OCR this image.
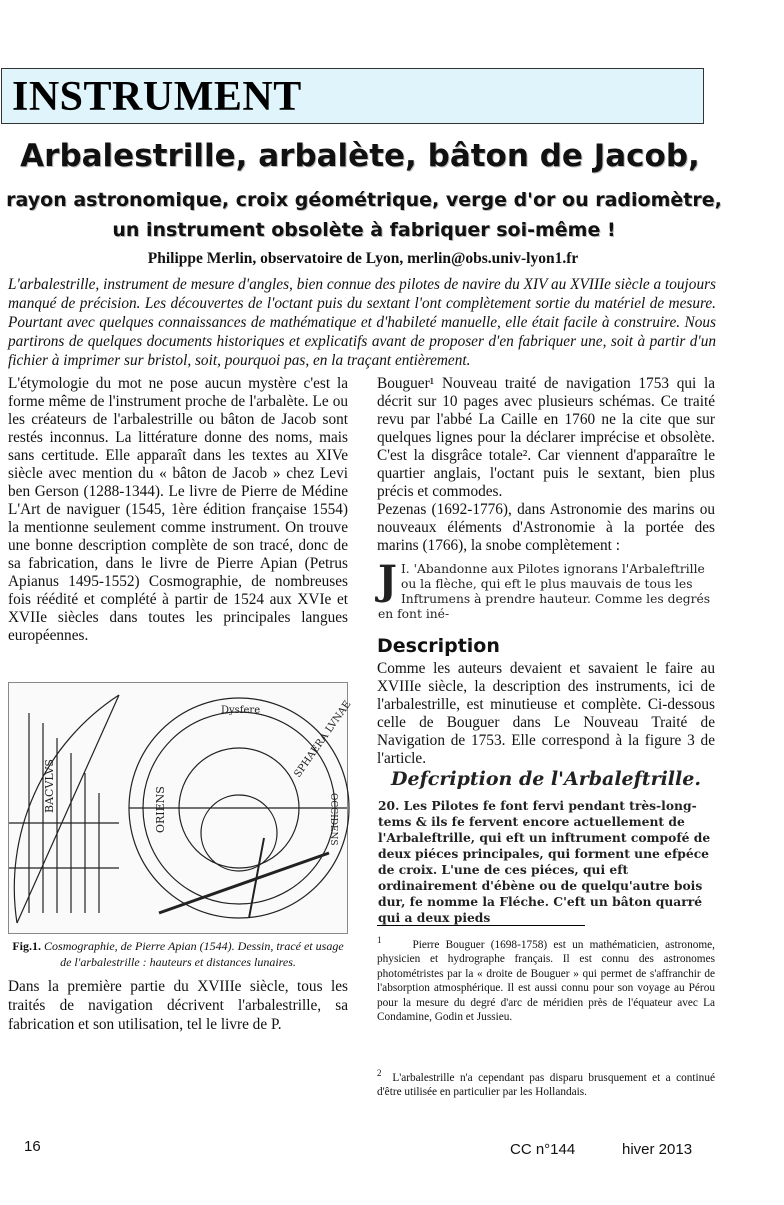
INSTRUMENT
Arbalestrille, arbalète, bâton de Jacob,
rayon astronomique, croix géométrique, verge d'or ou radiomètre,
un instrument obsolète à fabriquer soi-même !
Philippe Merlin, observatoire de Lyon, merlin@obs.univ-lyon1.fr
L'arbalestrille, instrument de mesure d'angles, bien connue des pilotes de navire du XIV au XVIIIe siècle a toujours manqué de précision. Les découvertes de l'octant puis du sextant l'ont complètement sortie du matériel de mesure. Pourtant avec quelques connaissances de mathématique et d'habileté manuelle, elle était facile à construire. Nous partirons de quelques documents historiques et explicatifs avant de proposer d'en fabriquer une, soit à partir d'un fichier à imprimer sur bristol, soit, pourquoi pas, en la traçant entièrement.

L'étymologie du mot ne pose aucun mystère c'est la forme même de l'instrument proche de l'arbalète. Le ou les créateurs de l'arbalestrille ou bâton de Jacob sont restés inconnus. La littérature donne des noms, mais sans certitude. Elle apparaît dans les textes au XIVe siècle avec mention du « bâton de Jacob » chez Levi ben Gerson (1288-1344). Le livre de Pierre de Médine L'Art de naviguer (1545, 1ère édition française 1554) la mentionne seulement comme instrument. On trouve une bonne description complète de son tracé, donc de sa fabrication, dans le livre de Pierre Apian (Petrus Apianus 1495-1552) Cosmographie, de nombreuses fois réédité et complété à partir de 1524 aux XVIe et XVIIe siècles dans toutes les principales langues européennes.

BACVLVS	ORIENS	OCCIDENS
SPHAERA LVNAE
Dysfere
Fig.1. Cosmographie, de Pierre Apian (1544). Dessin, tracé et usage de l'arbalestrille : hauteurs et distances lunaires.
Dans la première partie du XVIIIe siècle, tous les traités de navigation décrivent l'arbalestrille, sa fabrication et son utilisation, tel le livre de P.

Bouguer¹ Nouveau traité de navigation 1753 qui la décrit sur 10 pages avec plusieurs schémas. Ce traité revu par l'abbé La Caille en 1760 ne la cite que sur quelques lignes pour la déclarer imprécise et obsolète. C'est la disgrâce totale². Car viennent d'apparaître le quartier anglais, l'octant puis le sextant, bien plus précis et commodes.

Pezenas (1692-1776), dans Astronomie des marins ou nouveaux éléments d'Astronomie à la portée des marins (1766), la snobe complètement :

I.
J 'Abandonne aux Pilotes ignorans l'Arbaleftrille ou la flèche, qui eft le plus mauvais de tous les Inftrumens à prendre hauteur. Comme les degrés en font iné-
Description
Comme les auteurs devaient et savaient le faire au XVIIIe siècle, la description des instruments, ici de l'arbalestrille, est minutieuse et complète. Ci-dessous celle de Bouguer dans Le Nouveau Traité de Navigation de 1753. Elle correspond à la figure 3 de l'article.
Defcription de l'Arbaleftrille.
20. Les Pilotes fe font fervi pendant très-long-tems & ils fe fervent encore actuellement de l'Arbaleftrille, qui eft un inftrument compofé de deux piéces principales, qui forment une efpéce de croix. L'une de ces piéces, qui eft ordinairement d'ébène ou de quelqu'autre bois dur, fe nomme la Fléche. C'eft un bâton quarré qui a deux pieds
$^1$	Pierre Bouguer (1698-1758) est un mathématicien, astronome, physicien et hydrographe français. Il est connu des astronomes photométristes par la « droite de Bouguer » qui permet de s'affranchir de l'absorption atmosphérique. Il est aussi connu pour son voyage au Pérou pour la mesure du degré d'arc de méridien près de l'équateur avec La Condamine, Godin et Jussieu.
$^2$ L'arbalestrille n'a cependant pas disparu brusquement et a continué d'être utilisée en particulier par les Hollandais.
16	CC n°144	hiver 2013
